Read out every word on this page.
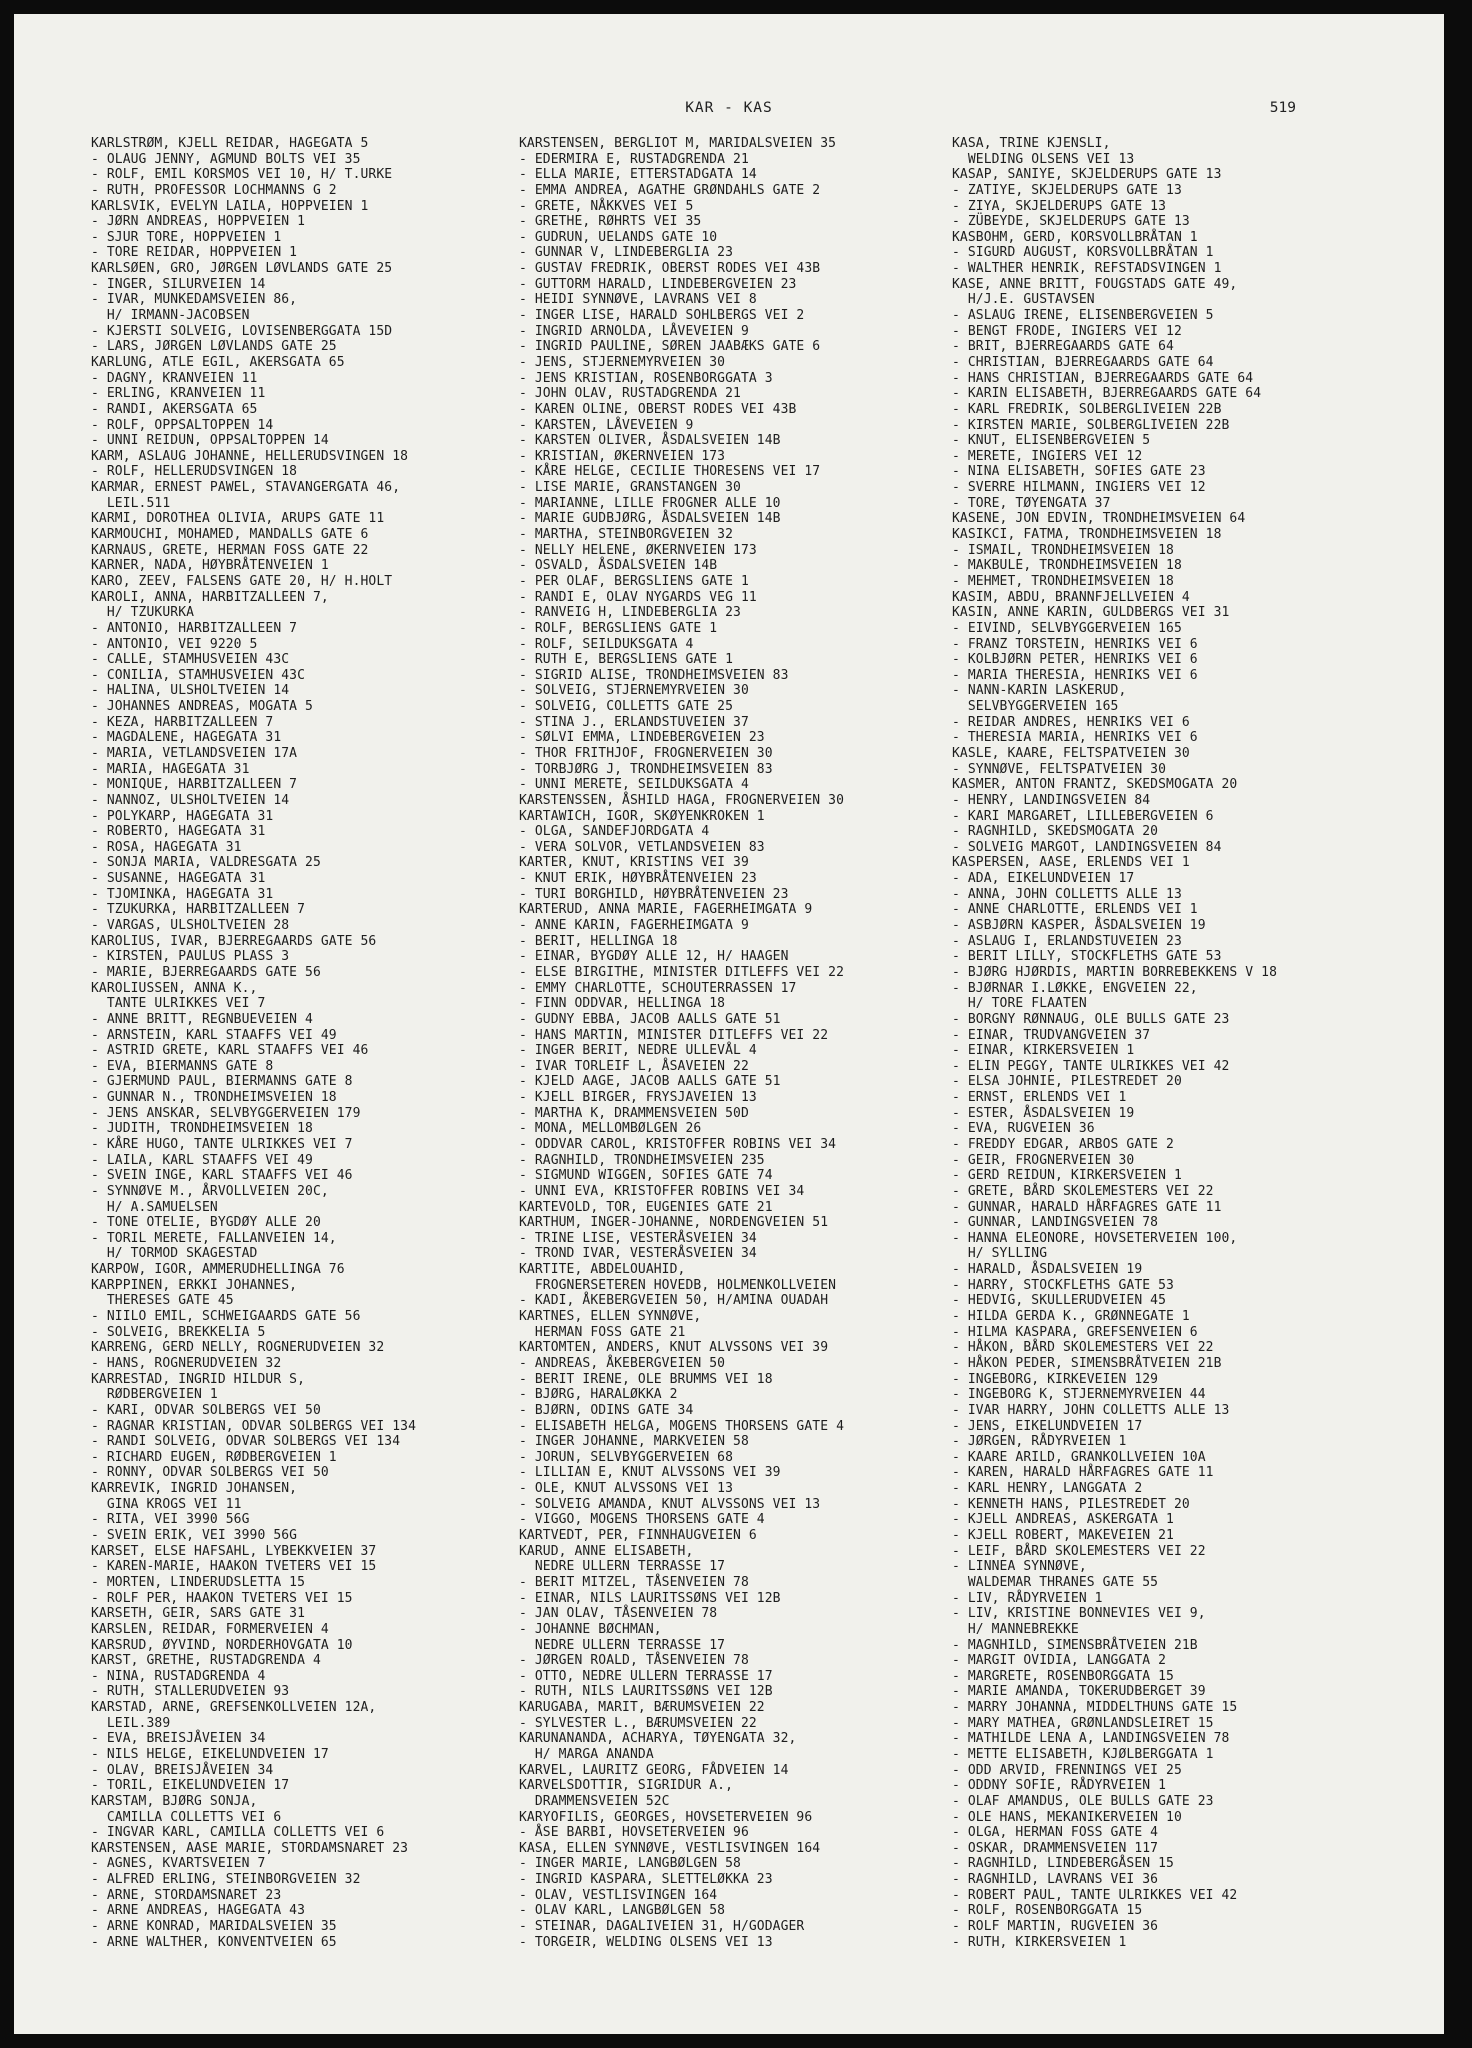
KAR - KAS	519
KARLSTRØM, KJELL REIDAR, HAGEGATA 5
- OLAUG JENNY, AGMUND BOLTS VEI 35
- ROLF, EMIL KORSMOS VEI 10, H/ T.URKE
- RUTH, PROFESSOR LOCHMANNS G 2
KARLSVIK, EVELYN LAILA, HOPPVEIEN 1
- JØRN ANDREAS, HOPPVEIEN 1
- SJUR TORE, HOPPVEIEN 1
- TORE REIDAR, HOPPVEIEN 1
KARLSØEN, GRO, JØRGEN LØVLANDS GATE 25
- INGER, SILURVEIEN 14
- IVAR, MUNKEDAMSVEIEN 86,
H/ IRMANN-JACOBSEN
- KJERSTI SOLVEIG, LOVISENBERGGATA 15D
- LARS, JØRGEN LØVLANDS GATE 25
KARLUNG, ATLE EGIL, AKERSGATA 65
- DAGNY, KRANVEIEN 11
- ERLING, KRANVEIEN 11
- RANDI, AKERSGATA 65
- ROLF, OPPSALTOPPEN 14
- UNNI REIDUN, OPPSALTOPPEN 14
KARM, ASLAUG JOHANNE, HELLERUDSVINGEN 18
- ROLF, HELLERUDSVINGEN 18
KARMAR, ERNEST PAWEL, STAVANGERGATA 46,
LEIL.511
KARMI, DOROTHEA OLIVIA, ARUPS GATE 11
KARMOUCHI, MOHAMED, MANDALLS GATE 6
KARNAUS, GRETE, HERMAN FOSS GATE 22
KARNER, NADA, HØYBRÅTENVEIEN 1
KARO, ZEEV, FALSENS GATE 20, H/ H.HOLT
KAROLI, ANNA, HARBITZALLEEN 7,
H/ TZUKURKA
- ANTONIO, HARBITZALLEEN 7
- ANTONIO, VEI 9220 5
- CALLE, STAMHUSVEIEN 43C
- CONILIA, STAMHUSVEIEN 43C
- HALINA, ULSHOLTVEIEN 14
- JOHANNES ANDREAS, MOGATA 5
- KEZA, HARBITZALLEEN 7
- MAGDALENE, HAGEGATA 31
- MARIA, VETLANDSVEIEN 17A
- MARIA, HAGEGATA 31
- MONIQUE, HARBITZALLEEN 7
- NANNOZ, ULSHOLTVEIEN 14
- POLYKARP, HAGEGATA 31
- ROBERTO, HAGEGATA 31
- ROSA, HAGEGATA 31
- SONJA MARIA, VALDRESGATA 25
- SUSANNE, HAGEGATA 31
- TJOMINKA, HAGEGATA 31
- TZUKURKA, HARBITZALLEEN 7
- VARGAS, ULSHOLTVEIEN 28
KAROLIUS, IVAR, BJERREGAARDS GATE 56
- KIRSTEN, PAULUS PLASS 3
- MARIE, BJERREGAARDS GATE 56
KAROLIUSSEN, ANNA K.,
TANTE ULRIKKES VEI 7
- ANNE BRITT, REGNBUEVEIEN 4
- ARNSTEIN, KARL STAAFFS VEI 49
- ASTRID GRETE, KARL STAAFFS VEI 46
- EVA, BIERMANNS GATE 8
- GJERMUND PAUL, BIERMANNS GATE 8
- GUNNAR N., TRONDHEIMSVEIEN 18
- JENS ANSKAR, SELVBYGGERVEIEN 179
- JUDITH, TRONDHEIMSVEIEN 18
- KÅRE HUGO, TANTE ULRIKKES VEI 7
- LAILA, KARL STAAFFS VEI 49
- SVEIN INGE, KARL STAAFFS VEI 46
- SYNNØVE M., ÅRVOLLVEIEN 20C,
H/ A.SAMUELSEN
- TONE OTELIE, BYGDØY ALLE 20
- TORIL MERETE, FALLANVEIEN 14,
H/ TORMOD SKAGESTAD
KARPOW, IGOR, AMMERUDHELLINGA 76
KARPPINEN, ERKKI JOHANNES,
THERESES GATE 45
- NIILO EMIL, SCHWEIGAARDS GATE 56
- SOLVEIG, BREKKELIA 5
KARRENG, GERD NELLY, ROGNERUDVEIEN 32
- HANS, ROGNERUDVEIEN 32
KARRESTAD, INGRID HILDUR S,
RØDBERGVEIEN 1
- KARI, ODVAR SOLBERGS VEI 50
- RAGNAR KRISTIAN, ODVAR SOLBERGS VEI 134
- RANDI SOLVEIG, ODVAR SOLBERGS VEI 134
- RICHARD EUGEN, RØDBERGVEIEN 1
- RONNY, ODVAR SOLBERGS VEI 50
KARREVIK, INGRID JOHANSEN,
GINA KROGS VEI 11
- RITA, VEI 3990 56G
- SVEIN ERIK, VEI 3990 56G
KARSET, ELSE HAFSAHL, LYBEKKVEIEN 37
- KAREN-MARIE, HAAKON TVETERS VEI 15
- MORTEN, LINDERUDSLETTA 15
- ROLF PER, HAAKON TVETERS VEI 15
KARSETH, GEIR, SARS GATE 31
KARSLEN, REIDAR, FORMERVEIEN 4
KARSRUD, ØYVIND, NORDERHOVGATA 10
KARST, GRETHE, RUSTADGRENDA 4
- NINA, RUSTADGRENDA 4
- RUTH, STALLERUDVEIEN 93
KARSTAD, ARNE, GREFSENKOLLVEIEN 12A,
LEIL.389
- EVA, BREISJÅVEIEN 34
- NILS HELGE, EIKELUNDVEIEN 17
- OLAV, BREISJÅVEIEN 34
- TORIL, EIKELUNDVEIEN 17
KARSTAM, BJØRG SONJA,
CAMILLA COLLETTS VEI 6
- INGVAR KARL, CAMILLA COLLETTS VEI 6
KARSTENSEN, AASE MARIE, STORDAMSNARET 23
- AGNES, KVARTSVEIEN 7
- ALFRED ERLING, STEINBORGVEIEN 32
- ARNE, STORDAMSNARET 23
- ARNE ANDREAS, HAGEGATA 43
- ARNE KONRAD, MARIDALSVEIEN 35
- ARNE WALTHER, KONVENTVEIEN 65
KARSTENSEN, BERGLIOT M, MARIDALSVEIEN 35
- EDERMIRA E, RUSTADGRENDA 21
- ELLA MARIE, ETTERSTADGATA 14
- EMMA ANDREA, AGATHE GRØNDAHLS GATE 2
- GRETE, NÅKKVES VEI 5
- GRETHE, RØHRTS VEI 35
- GUDRUN, UELANDS GATE 10
- GUNNAR V, LINDEBERGLIA 23
- GUSTAV FREDRIK, OBERST RODES VEI 43B
- GUTTORM HARALD, LINDEBERGVEIEN 23
- HEIDI SYNNØVE, LAVRANS VEI 8
- INGER LISE, HARALD SOHLBERGS VEI 2
- INGRID ARNOLDA, LÅVEVEIEN 9
- INGRID PAULINE, SØREN JAABÆKS GATE 6
- JENS, STJERNEMYRVEIEN 30
- JENS KRISTIAN, ROSENBORGGATA 3
- JOHN OLAV, RUSTADGRENDA 21
- KAREN OLINE, OBERST RODES VEI 43B
- KARSTEN, LÅVEVEIEN 9
- KARSTEN OLIVER, ÅSDALSVEIEN 14B
- KRISTIAN, ØKERNVEIEN 173
- KÅRE HELGE, CECILIE THORESENS VEI 17
- LISE MARIE, GRANSTANGEN 30
- MARIANNE, LILLE FROGNER ALLE 10
- MARIE GUDBJØRG, ÅSDALSVEIEN 14B
- MARTHA, STEINBORGVEIEN 32
- NELLY HELENE, ØKERNVEIEN 173
- OSVALD, ÅSDALSVEIEN 14B
- PER OLAF, BERGSLIENS GATE 1
- RANDI E, OLAV NYGARDS VEG 11
- RANVEIG H, LINDEBERGLIA 23
- ROLF, BERGSLIENS GATE 1
- ROLF, SEILDUKSGATA 4
- RUTH E, BERGSLIENS GATE 1
- SIGRID ALISE, TRONDHEIMSVEIEN 83
- SOLVEIG, STJERNEMYRVEIEN 30
- SOLVEIG, COLLETTS GATE 25
- STINA J., ERLANDSTUVEIEN 37
- SØLVI EMMA, LINDEBERGVEIEN 23
- THOR FRITHJOF, FROGNERVEIEN 30
- TORBJØRG J, TRONDHEIMSVEIEN 83
- UNNI MERETE, SEILDUKSGATA 4
KARSTENSSEN, ÅSHILD HAGA, FROGNERVEIEN 30
KARTAWICH, IGOR, SKØYENKROKEN 1
- OLGA, SANDEFJORDGATA 4
- VERA SOLVOR, VETLANDSVEIEN 83
KARTER, KNUT, KRISTINS VEI 39
- KNUT ERIK, HØYBRÅTENVEIEN 23
- TURI BORGHILD, HØYBRÅTENVEIEN 23
KARTERUD, ANNA MARIE, FAGERHEIMGATA 9
- ANNE KARIN, FAGERHEIMGATA 9
- BERIT, HELLINGA 18
- EINAR, BYGDØY ALLE 12, H/ HAAGEN
- ELSE BIRGITHE, MINISTER DITLEFFS VEI 22
- EMMY CHARLOTTE, SCHOUTERRASSEN 17
- FINN ODDVAR, HELLINGA 18
- GUDNY EBBA, JACOB AALLS GATE 51
- HANS MARTIN, MINISTER DITLEFFS VEI 22
- INGER BERIT, NEDRE ULLEVÅL 4
- IVAR TORLEIF L, ÅSAVEIEN 22
- KJELD AAGE, JACOB AALLS GATE 51
- KJELL BIRGER, FRYSJAVEIEN 13
- MARTHA K, DRAMMENSVEIEN 50D
- MONA, MELLOMBØLGEN 26
- ODDVAR CAROL, KRISTOFFER ROBINS VEI 34
- RAGNHILD, TRONDHEIMSVEIEN 235
- SIGMUND WIGGEN, SOFIES GATE 74
- UNNI EVA, KRISTOFFER ROBINS VEI 34
KARTEVOLD, TOR, EUGENIES GATE 21
KARTHUM, INGER-JOHANNE, NORDENGVEIEN 51
- TRINE LISE, VESTERÅSVEIEN 34
- TROND IVAR, VESTERÅSVEIEN 34
KARTITE, ABDELOUAHID,
FROGNERSETEREN HOVEDB, HOLMENKOLLVEIEN
- KADI, ÅKEBERGVEIEN 50, H/AMINA OUADAH
KARTNES, ELLEN SYNNØVE,
HERMAN FOSS GATE 21
KARTOMTEN, ANDERS, KNUT ALVSSONS VEI 39
- ANDREAS, ÅKEBERGVEIEN 50
- BERIT IRENE, OLE BRUMMS VEI 18
- BJØRG, HARALØKKA 2
- BJØRN, ODINS GATE 34
- ELISABETH HELGA, MOGENS THORSENS GATE 4
- INGER JOHANNE, MARKVEIEN 58
- JORUN, SELVBYGGERVEIEN 68
- LILLIAN E, KNUT ALVSSONS VEI 39
- OLE, KNUT ALVSSONS VEI 13
- SOLVEIG AMANDA, KNUT ALVSSONS VEI 13
- VIGGO, MOGENS THORSENS GATE 4
KARTVEDT, PER, FINNHAUGVEIEN 6
KARUD, ANNE ELISABETH,
NEDRE ULLERN TERRASSE 17
- BERIT MITZEL, TÅSENVEIEN 78
- EINAR, NILS LAURITSSØNS VEI 12B
- JAN OLAV, TÅSENVEIEN 78
- JOHANNE BØCHMAN,
NEDRE ULLERN TERRASSE 17
- JØRGEN ROALD, TÅSENVEIEN 78
- OTTO, NEDRE ULLERN TERRASSE 17
- RUTH, NILS LAURITSSØNS VEI 12B
KARUGABA, MARIT, BÆRUMSVEIEN 22
- SYLVESTER L., BÆRUMSVEIEN 22
KARUNANANDA, ACHARYA, TØYENGATA 32,
H/ MARGA ANANDA
KARVEL, LAURITZ GEORG, FÅDVEIEN 14
KARVELSDOTTIR, SIGRIDUR A.,
DRAMMENSVEIEN 52C
KARYOFILIS, GEORGES, HOVSETERVEIEN 96
- ÅSE BARBI, HOVSETERVEIEN 96
KASA, ELLEN SYNNØVE, VESTLISVINGEN 164
- INGER MARIE, LANGBØLGEN 58
- INGRID KASPARA, SLETTELØKKA 23
- OLAV, VESTLISVINGEN 164
- OLAV KARL, LANGBØLGEN 58
- STEINAR, DAGALIVEIEN 31, H/GODAGER
- TORGEIR, WELDING OLSENS VEI 13
KASA, TRINE KJENSLI,
WELDING OLSENS VEI 13
KASAP, SANIYE, SKJELDERUPS GATE 13
- ZATIYE, SKJELDERUPS GATE 13
- ZIYA, SKJELDERUPS GATE 13
- ZÜBEYDE, SKJELDERUPS GATE 13
KASBOHM, GERD, KORSVOLLBRÅTAN 1
- SIGURD AUGUST, KORSVOLLBRÅTAN 1
- WALTHER HENRIK, REFSTADSVINGEN 1
KASE, ANNE BRITT, FOUGSTADS GATE 49,
H/J.E. GUSTAVSEN
- ASLAUG IRENE, ELISENBERGVEIEN 5
- BENGT FRODE, INGIERS VEI 12
- BRIT, BJERREGAARDS GATE 64
- CHRISTIAN, BJERREGAARDS GATE 64
- HANS CHRISTIAN, BJERREGAARDS GATE 64
- KARIN ELISABETH, BJERREGAARDS GATE 64
- KARL FREDRIK, SOLBERGLIVEIEN 22B
- KIRSTEN MARIE, SOLBERGLIVEIEN 22B
- KNUT, ELISENBERGVEIEN 5
- MERETE, INGIERS VEI 12
- NINA ELISABETH, SOFIES GATE 23
- SVERRE HILMANN, INGIERS VEI 12
- TORE, TØYENGATA 37
KASENE, JON EDVIN, TRONDHEIMSVEIEN 64
KASIKCI, FATMA, TRONDHEIMSVEIEN 18
- ISMAIL, TRONDHEIMSVEIEN 18
- MAKBULE, TRONDHEIMSVEIEN 18
- MEHMET, TRONDHEIMSVEIEN 18
KASIM, ABDU, BRANNFJELLVEIEN 4
KASIN, ANNE KARIN, GULDBERGS VEI 31
- EIVIND, SELVBYGGERVEIEN 165
- FRANZ TORSTEIN, HENRIKS VEI 6
- KOLBJØRN PETER, HENRIKS VEI 6
- MARIA THERESIA, HENRIKS VEI 6
- NANN-KARIN LASKERUD,
SELVBYGGERVEIEN 165
- REIDAR ANDRES, HENRIKS VEI 6
- THERESIA MARIA, HENRIKS VEI 6
KASLE, KAARE, FELTSPATVEIEN 30
- SYNNØVE, FELTSPATVEIEN 30
KASMER, ANTON FRANTZ, SKEDSMOGATA 20
- HENRY, LANDINGSVEIEN 84
- KARI MARGARET, LILLEBERGVEIEN 6
- RAGNHILD, SKEDSMOGATA 20
- SOLVEIG MARGOT, LANDINGSVEIEN 84
KASPERSEN, AASE, ERLENDS VEI 1
- ADA, EIKELUNDVEIEN 17
- ANNA, JOHN COLLETTS ALLE 13
- ANNE CHARLOTTE, ERLENDS VEI 1
- ASBJØRN KASPER, ÅSDALSVEIEN 19
- ASLAUG I, ERLANDSTUVEIEN 23
- BERIT LILLY, STOCKFLETHS GATE 53
- BJØRG HJØRDIS, MARTIN BORREBEKKENS V 18
- BJØRNAR I.LØKKE, ENGVEIEN 22,
H/ TORE FLAATEN
- BORGNY RØNNAUG, OLE BULLS GATE 23
- EINAR, TRUDVANGVEIEN 37
- EINAR, KIRKERSVEIEN 1
- ELIN PEGGY, TANTE ULRIKKES VEI 42
- ELSA JOHNIE, PILESTREDET 20
- ERNST, ERLENDS VEI 1
- ESTER, ÅSDALSVEIEN 19
- EVA, RUGVEIEN 36
- FREDDY EDGAR, ARBOS GATE 2
- GEIR, FROGNERVEIEN 30
- GERD REIDUN, KIRKERSVEIEN 1
- GRETE, BÅRD SKOLEMESTERS VEI 22
- GUNNAR, HARALD HÅRFAGRES GATE 11
- GUNNAR, LANDINGSVEIEN 78
- HANNA ELEONORE, HOVSETERVEIEN 100,
H/ SYLLING
- HARALD, ÅSDALSVEIEN 19
- HARRY, STOCKFLETHS GATE 53
- HEDVIG, SKULLERUDVEIEN 45
- HILDA GERDA K., GRØNNEGATE 1
- HILMA KASPARA, GREFSENVEIEN 6
- HÅKON, BÅRD SKOLEMESTERS VEI 22
- HÅKON PEDER, SIMENSBRÅTVEIEN 21B
- INGEBORG, KIRKEVEIEN 129
- INGEBORG K, STJERNEMYRVEIEN 44
- IVAR HARRY, JOHN COLLETTS ALLE 13
- JENS, EIKELUNDVEIEN 17
- JØRGEN, RÅDYRVEIEN 1
- KAARE ARILD, GRANKOLLVEIEN 10A
- KAREN, HARALD HÅRFAGRES GATE 11
- KARL HENRY, LANGGATA 2
- KENNETH HANS, PILESTREDET 20
- KJELL ANDREAS, ASKERGATA 1
- KJELL ROBERT, MAKEVEIEN 21
- LEIF, BÅRD SKOLEMESTERS VEI 22
- LINNEA SYNNØVE,
WALDEMAR THRANES GATE 55
- LIV, RÅDYRVEIEN 1
- LIV, KRISTINE BONNEVIES VEI 9,
H/ MANNEBREKKE
- MAGNHILD, SIMENSBRÅTVEIEN 21B
- MARGIT OVIDIA, LANGGATA 2
- MARGRETE, ROSENBORGGATA 15
- MARIE AMANDA, TOKERUDBERGET 39
- MARRY JOHANNA, MIDDELTHUNS GATE 15
- MARY MATHEA, GRØNLANDSLEIRET 15
- MATHILDE LENA A, LANDINGSVEIEN 78
- METTE ELISABETH, KJØLBERGGATA 1
- ODD ARVID, FRENNINGS VEI 25
- ODDNY SOFIE, RÅDYRVEIEN 1
- OLAF AMANDUS, OLE BULLS GATE 23
- OLE HANS, MEKANIKERVEIEN 10
- OLGA, HERMAN FOSS GATE 4
- OSKAR, DRAMMENSVEIEN 117
- RAGNHILD, LINDEBERGÅSEN 15
- RAGNHILD, LAVRANS VEI 36
- ROBERT PAUL, TANTE ULRIKKES VEI 42
- ROLF, ROSENBORGGATA 15
- ROLF MARTIN, RUGVEIEN 36
- RUTH, KIRKERSVEIEN 1
